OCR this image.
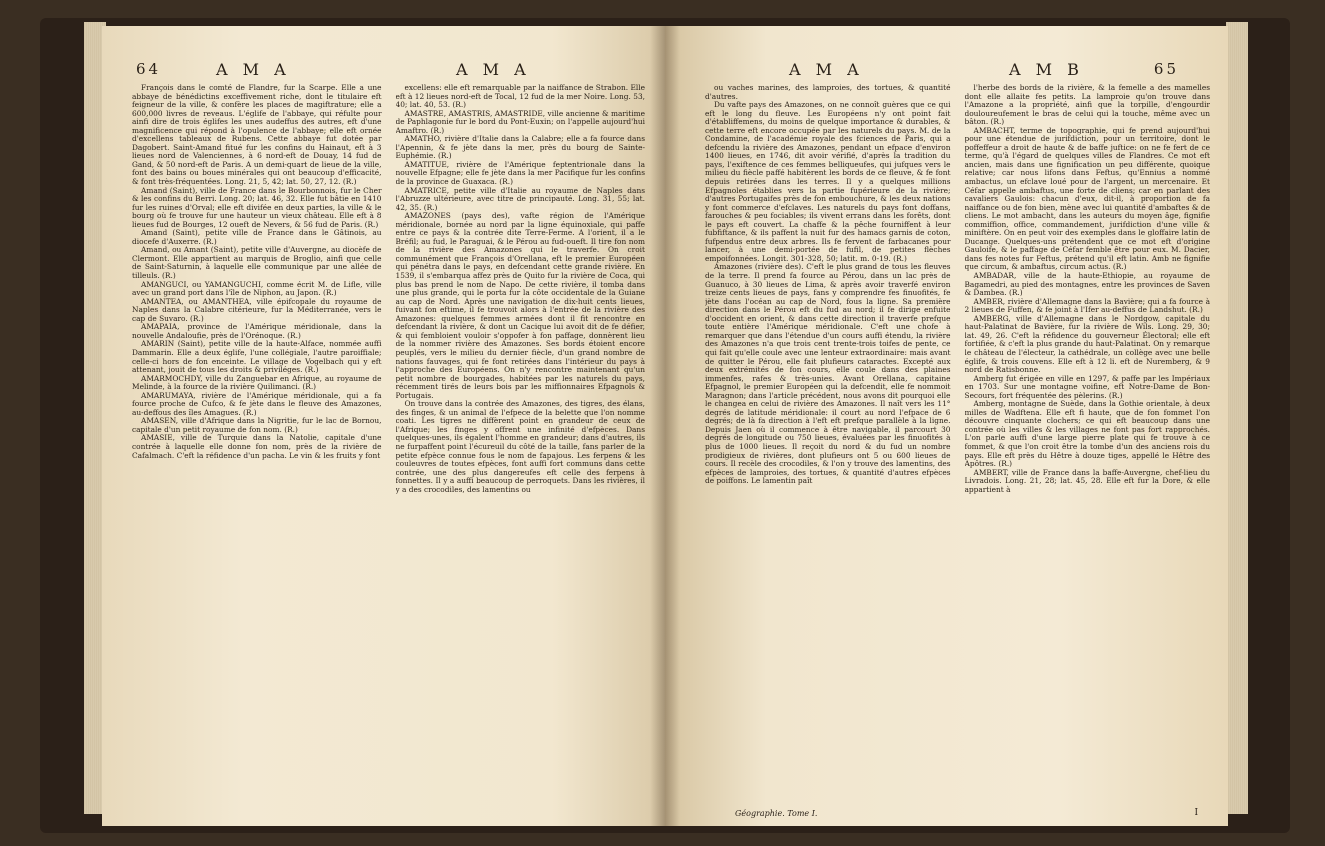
64	A M A	A M A

François dans le comté de Flandre, fur la Scarpe. Elle a une abbaye de bénédictins exceffivement riche, dont le titulaire eft feigneur de la ville, & confère les places de magiftrature; elle a 600,000 livres de reveaus. L'églife de l'abbaye, qui réfulte pour ainfi dire de trois églifes les unes audeffus des autres, eft d'une magnificence qui répond à l'opulence de l'abbaye; elle eft ornée d'excellens tableaux de Rubens. Cette abbaye fut dotée par Dagobert. Saint-Amand fitué fur les confins du Hainaut, eft à 3 lieues nord de Valenciennes, à 6 nord-eft de Douay, 14 fud de Gand, & 50 nord-eft de Paris. A un demi-quart de lieue de la ville, font des bains ou boues minérales qui ont beaucoup d'efficacité, & font très-fréquentées. Long. 21, 5, 42; lat. 50, 27, 12. (R.)

Amand (Saint), ville de France dans le Bourbonnois, fur le Cher & les confins du Berri. Long. 20; lat. 46, 32. Elle fut bâtie en 1410 fur les ruines d'Orval; elle eft divifée en deux parties, la ville & le bourg où fe trouve fur une hauteur un vieux château. Elle eft à 8 lieues fud de Bourges, 12 oueft de Nevers, & 56 fud de Paris. (R.)

Amand (Saint), petite ville de France dans le Gâtinois, au diocefe d'Auxerre. (R.)

Amand, ou Amant (Saint), petite ville d'Auvergne, au diocèfe de Clermont. Elle appartient au marquis de Broglio, ainfi que celle de Saint-Saturnin, à laquelle elle communique par une allée de tilleuls. (R.)

AMANGUCI, ou YAMANGUCHI, comme écrit M. de Lifle, ville avec un grand port dans l'île de Niphon, au Japon. (R.)

AMANTEA, ou AMANTHEA, ville épifcopale du royaume de Naples dans la Calabre citérieure, fur la Méditerranée, vers le cap de Suvaro. (R.)

AMAPAIA, province de l'Amérique méridionale, dans la nouvelle Andaloufie, près de l'Orénoque. (R.)

AMARIN (Saint), petite ville de la haute-Alface, nommée auffi Dammarin. Elle a deux églife, l'une collégiale, l'autre paroiffiale; celle-ci hors de fon enceinte. Le village de Vogelbach qui y eft attenant, jouit de tous les droits & priviléges. (R.)

AMARMOCHDY, ville du Zanguebar en Afrique, au royaume de Melinde, à la fource de la rivière Quilimanci. (R.)

AMARUMAYA, rivière de l'Amérique méridionale, qui a fa fource proche de Cufco, & fe jète dans le fleuve des Amazones, au-deffous des îles Amagues. (R.)

AMASEN, ville d'Afrique dans la Nigritie, fur le lac de Bornou, capitale d'un petit royaume de fon nom. (R.)

AMASIE, ville de Turquie dans la Natolie, capitale d'une contrée à laquelle elle donne fon nom, près de la rivière de Cafalmach. C'eft la réfidence d'un pacha. Le vin & les fruits y font

excellens: elle eft remarquable par la naiffance de Strabon. Elle eft à 12 lieues nord-eft de Tocal, 12 fud de la mer Noire. Long. 53, 40; lat. 40, 53. (R.)

AMASTRE, AMASTRIS, AMASTRIDE, ville ancienne & maritime de Paphlagonie fur le bord du Pont-Euxin; on l'appelle aujourd'hui Amaftro. (R.)

AMATHO, rivière d'Italie dans la Calabre; elle a fa fource dans l'Apennin, & fe jète dans la mer, près du bourg de Sainte-Euphémie. (R.)

AMATITUE, rivière de l'Amérique feptentrionale dans la nouvelle Efpagne; elle fe jète dans la mer Pacifique fur les confins de la province de Guaxaca. (R.)

AMATRICE, petite ville d'Italie au royaume de Naples dans l'Abruzze ultérieure, avec titre de principauté. Long. 31, 55; lat. 42, 35. (R.)

AMAZONES (pays des), vafte région de l'Amérique méridionale, bornée au nord par la ligne équinoxiale, qui paffe entre ce pays & la contrée dite Terre-Ferme. A l'orient, il a le Bréfil; au fud, le Paraguai, & le Pérou au fud-oueft. Il tire fon nom de la rivière des Amazones qui le traverfe. On croit communément que François d'Orellana, eft le premier Européen qui pénétra dans le pays, en defcendant cette grande rivière. En 1539, il s'embarqua affez près de Quito fur la rivière de Coca, qui plus bas prend le nom de Napo. De cette rivière, il tomba dans une plus grande, qui le porta fur la côte occidentale de la Guiane au cap de Nord. Après une navigation de dix-huit cents lieues, fuivant fon eftime, il fe trouvoit alors à l'entrée de la rivière des Amazones: quelques femmes armées dont il fit rencontre en defcendant la rivière, & dont un Cacique lui avoit dit de fe défier, & qui fembloient vouloir s'oppofer à fon paffage, donnèrent lieu de la nommer rivière des Amazones. Ses bords étoient encore peuplés, vers le milieu du dernier fiècle, d'un grand nombre de nations fauvages, qui fe font retirées dans l'intérieur du pays à l'approche des Européens. On n'y rencontre maintenant qu'un petit nombre de bourgades, habitées par les naturels du pays, récemment tirés de leurs bois par les miffionnaires Efpagnols & Portugais.

On trouve dans la contrée des Amazones, des tigres, des élans, des finges, & un animal de l'efpece de la belette que l'on nomme coati. Les tigres ne diffèrent point en grandeur de ceux de l'Afrique; les finges y offrent une infinité d'efpèces. Dans quelques-unes, ils égalent l'homme en grandeur; dans d'autres, ils ne furpaffent point l'écureuil du côté de la taille, fans parler de la petite efpèce connue fous le nom de fapajous. Les ferpens & les couleuvres de toutes efpèces, font auffi fort communs dans cette contrée, une des plus dangereufes eft celle des ferpens à fonnettes. Il y a auffi beaucoup de perroquets. Dans les rivières, il y a des crocodiles, des lamentins ou

A M A	A M B	65

ou vaches marines, des lamproies, des tortues, & quantité d'autres.

Du vafte pays des Amazones, on ne connoît guères que ce qui eft le long du fleuve. Les Européens n'y ont point fait d'établiffemens, du moins de quelque importance & durables, & cette terre eft encore occupée par les naturels du pays. M. de la Condamine, de l'académie royale des fciences de Paris, qui a defcendu la rivière des Amazones, pendant un efpace d'environ 1400 lieues, en 1746, dit avoir vérifié, d'après la tradition du pays, l'exiftence de ces femmes belliqueufes, qui jufques vers le milieu du fiècle paffé habitèrent les bords de ce fleuve, & fe font depuis retirées dans les terres. Il y a quelques millions Efpagnoles établies vers la partie fupérieure de la rivière; d'autres Portugaifes près de fon embouchure, & les deux nations y font commerce d'efclaves. Les naturels du pays font doffans, farouches & peu fociables; ils vivent errans dans les forêts, dont le pays eft couvert. La chaffe & la pêche fourniffent à leur fubfiftance, & ils paffent la nuit fur des hamacs garnis de coton, fufpendus entre deux arbres. Ils fe fervent de farbacanes pour lancer, à une demi-portée de fufil, de petites flèches empoifonnées. Longit. 301-328, 50; latit. m. 0-19. (R.)

Amazones (rivière des). C'eft le plus grand de tous les fleuves de la terre. Il prend fa fource au Pérou, dans un lac près de Guanuco, à 30 lieues de Lima, & après avoir traverfé environ treize cents lieues de pays, fans y comprendre fes finuofités, fe jète dans l'océan au cap de Nord, fous la ligne. Sa première direction dans le Pérou eft du fud au nord; il fe dirige enfuite d'occident en orient, & dans cette direction il traverfe prefque toute entière l'Amérique méridionale. C'eft une chofe à remarquer que dans l'étendue d'un cours auffi étendu, la rivière des Amazones n'a que trois cent trente-trois toifes de pente, ce qui fait qu'elle coule avec une lenteur extraordinaire: mais avant de quitter le Pérou, elle fait plufieurs cataractes. Excepté aux deux extrémités de fon cours, elle coule dans des plaines immenfes, rafes & très-unies. Avant Orellana, capitaine Efpagnol, le premier Européen qui la defcendit, elle fe nommoit Maragnon; dans l'article précédent, nous avons dit pourquoi elle le changea en celui de rivière des Amazones. Il naît vers les 11° degrés de latitude méridionale: il court au nord l'efpace de 6 degrés; de là fa direction à l'eft eft prefque parallèle à la ligne. Depuis Jaen où il commence à être navigable, il parcourt 30 degrés de longitude ou 750 lieues, évaluées par les finuofités à plus de 1000 lieues. Il reçoit du nord & du fud un nombre prodigieux de rivières, dont plufieurs ont 5 ou 600 lieues de cours. Il recèle des crocodiles, & l'on y trouve des lamentins, des efpèces de lamproies, des tortues, & quantité d'autres efpèces de poiffons. Le lamentin paît

l'herbe des bords de la rivière, & la femelle a des mamelles dont elle allaite fes petits. La lamproie qu'on trouve dans l'Amazone a la propriété, ainfi que la torpille, d'engourdir douloureufement le bras de celui qui la touche, même avec un bâton. (R.)

AMBACHT, terme de topographie, qui fe prend aujourd'hui pour une étendue de jurifdiction, pour un territoire, dont le poffeffeur a droit de haute & de baffe juftice: on ne fe fert de ce terme, qu'à l'égard de quelques villes de Flandres. Ce mot eft ancien, mais dans une fignification un peu différente, quoique relative; car nous lifons dans Feftus, qu'Ennius a nommé ambactus, un efclave loué pour de l'argent, un mercenaire. Et Céfar appelle ambaftus, une forte de cliens; car en parlant des cavaliers Gaulois: chacun d'eux, dit-il, à proportion de fa naiffance ou de fon bien, mène avec lui quantité d'ambaftes & de cliens. Le mot ambacht, dans les auteurs du moyen âge, fignifie commiffion, office, commandement, jurifdiction d'une ville & miniftère. On en peut voir des exemples dans le gloffaire latin de Ducange. Quelques-uns prétendent que ce mot eft d'origine Gauloife, & le paffage de Céfar femble être pour eux. M. Dacier, dans fes notes fur Feftus, prétend qu'il eft latin. Amb ne fignifie que circum, & ambaftus, circum actus. (R.)

AMBADAR, ville de la haute-Ethiopie, au royaume de Bagamedri, au pied des montagnes, entre les provinces de Saven & Dambea. (R.)

AMBER, rivière d'Allemagne dans la Bavière; qui a fa fource à 2 lieues de Fuffen, & fe joint à l'Ifer au-deffus de Landshut. (R.)

AMBERG, ville d'Allemagne dans le Nordgow, capitale du haut-Palatinat de Bavière, fur la rivière de Wils. Long. 29, 30; lat. 49, 26. C'eft la réfidence du gouverneur Électoral; elle eft fortifiée, & c'eft la plus grande du haut-Palatinat. On y remarque le château de l'électeur, la cathédrale, un collège avec une belle églife, & trois couvens. Elle eft à 12 li. eft de Nuremberg, & 9 nord de Ratisbonne.

Amberg fut érigée en ville en 1297, & paffe par les Impériaux en 1703. Sur une montagne voifine, eft Notre-Dame de Bon-Secours, fort fréquentée des pèlerins. (R.)

Amberg, montagne de Suède, dans la Gothie orientale, à deux milles de Wadftena. Elle eft fi haute, que de fon fommet l'on découvre cinquante clochers; ce qui eft beaucoup dans une contrée où les villes & les villages ne font pas fort rapprochés. L'on parle auffi d'une large pierre plate qui fe trouve à ce fommet, & que l'on croit être la tombe d'un des anciens rois du pays. Elle eft près du Hêtre à douze tiges, appellé le Hêtre des Apôtres. (R.)

AMBERT, ville de France dans la baffe-Auvergne, chef-lieu du Livradois. Long. 21, 28; lat. 45, 28. Elle eft fur la Dore, & elle appartient à

Géographie. Tome I.	I
